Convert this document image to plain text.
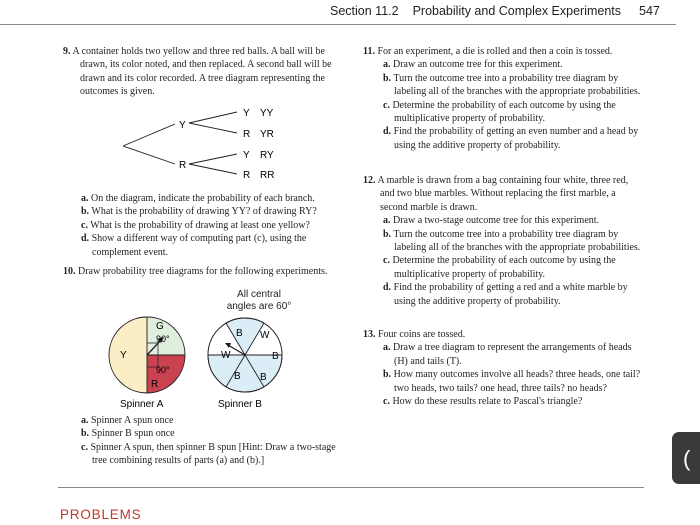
Section 11.2 Probability and Complex Experiments 547
9. A container holds two yellow and three red balls. A ball will be drawn, its color noted, and then replaced. A second ball will be drawn and its color recorded. A tree diagram representing the outcomes is given.
Y
R
Y
R
Y
R
YY
YR
RY
RR
a. On the diagram, indicate the probability of each branch.
b. What is the probability of drawing YY? of drawing RY?
c. What is the probability of drawing at least one yellow?
d. Show a different way of computing part (c), using the complement event.
10. Draw probability tree diagrams for the following experiments.
G
90°
Y
90°
R
B W
B
B
B
W
Spinner A	Spinner B
All central
angles are 60°
a. Spinner A spun once
b. Spinner B spun once
c. Spinner A spun, then spinner B spun [Hint: Draw a two-stage tree combining results of parts (a) and (b).]
11. For an experiment, a die is rolled and then a coin is tossed.
a. Draw an outcome tree for this experiment.
b. Turn the outcome tree into a probability tree diagram by labeling all of the branches with the appropriate probabilities.
c. Determine the probability of each outcome by using the multiplicative property of probability.
d. Find the probability of getting an even number and a head by using the additive property of probability.
12. A marble is drawn from a bag containing four white, three red, and two blue marbles. Without replacing the first marble, a second marble is drawn.
a. Draw a two-stage outcome tree for this experiment.
b. Turn the outcome tree into a probability tree diagram by labeling all of the branches with the appropriate probabilities.
c. Determine the probability of each outcome by using the multiplicative property of probability.
d. Find the probability of getting a red and a white marble by using the additive property of probability.
13. Four coins are tossed.
a. Draw a tree diagram to represent the arrangements of heads (H) and tails (T).
b. How many outcomes involve all heads? three heads, one tail? two heads, two tails? one head, three tails? no heads?
c. How do these results relate to Pascal's triangle?
(
PROBLEMS
